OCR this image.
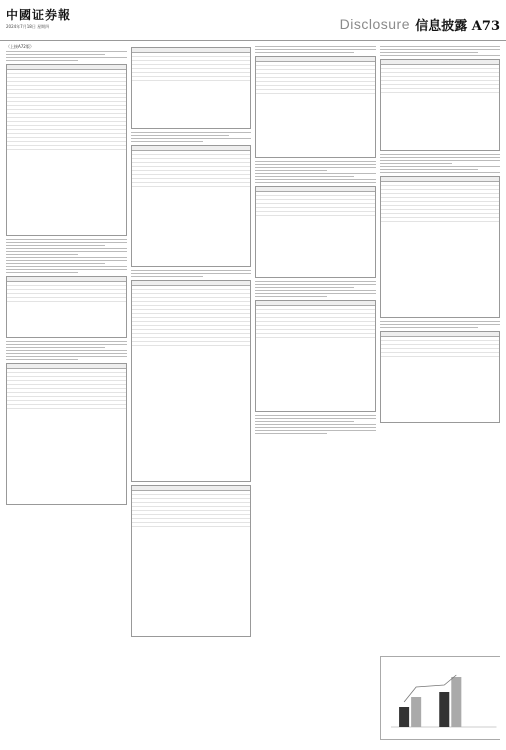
中國证券報
2024年7月18日 星期四	Disclosure 信息披露 A73
（上接A72版）
